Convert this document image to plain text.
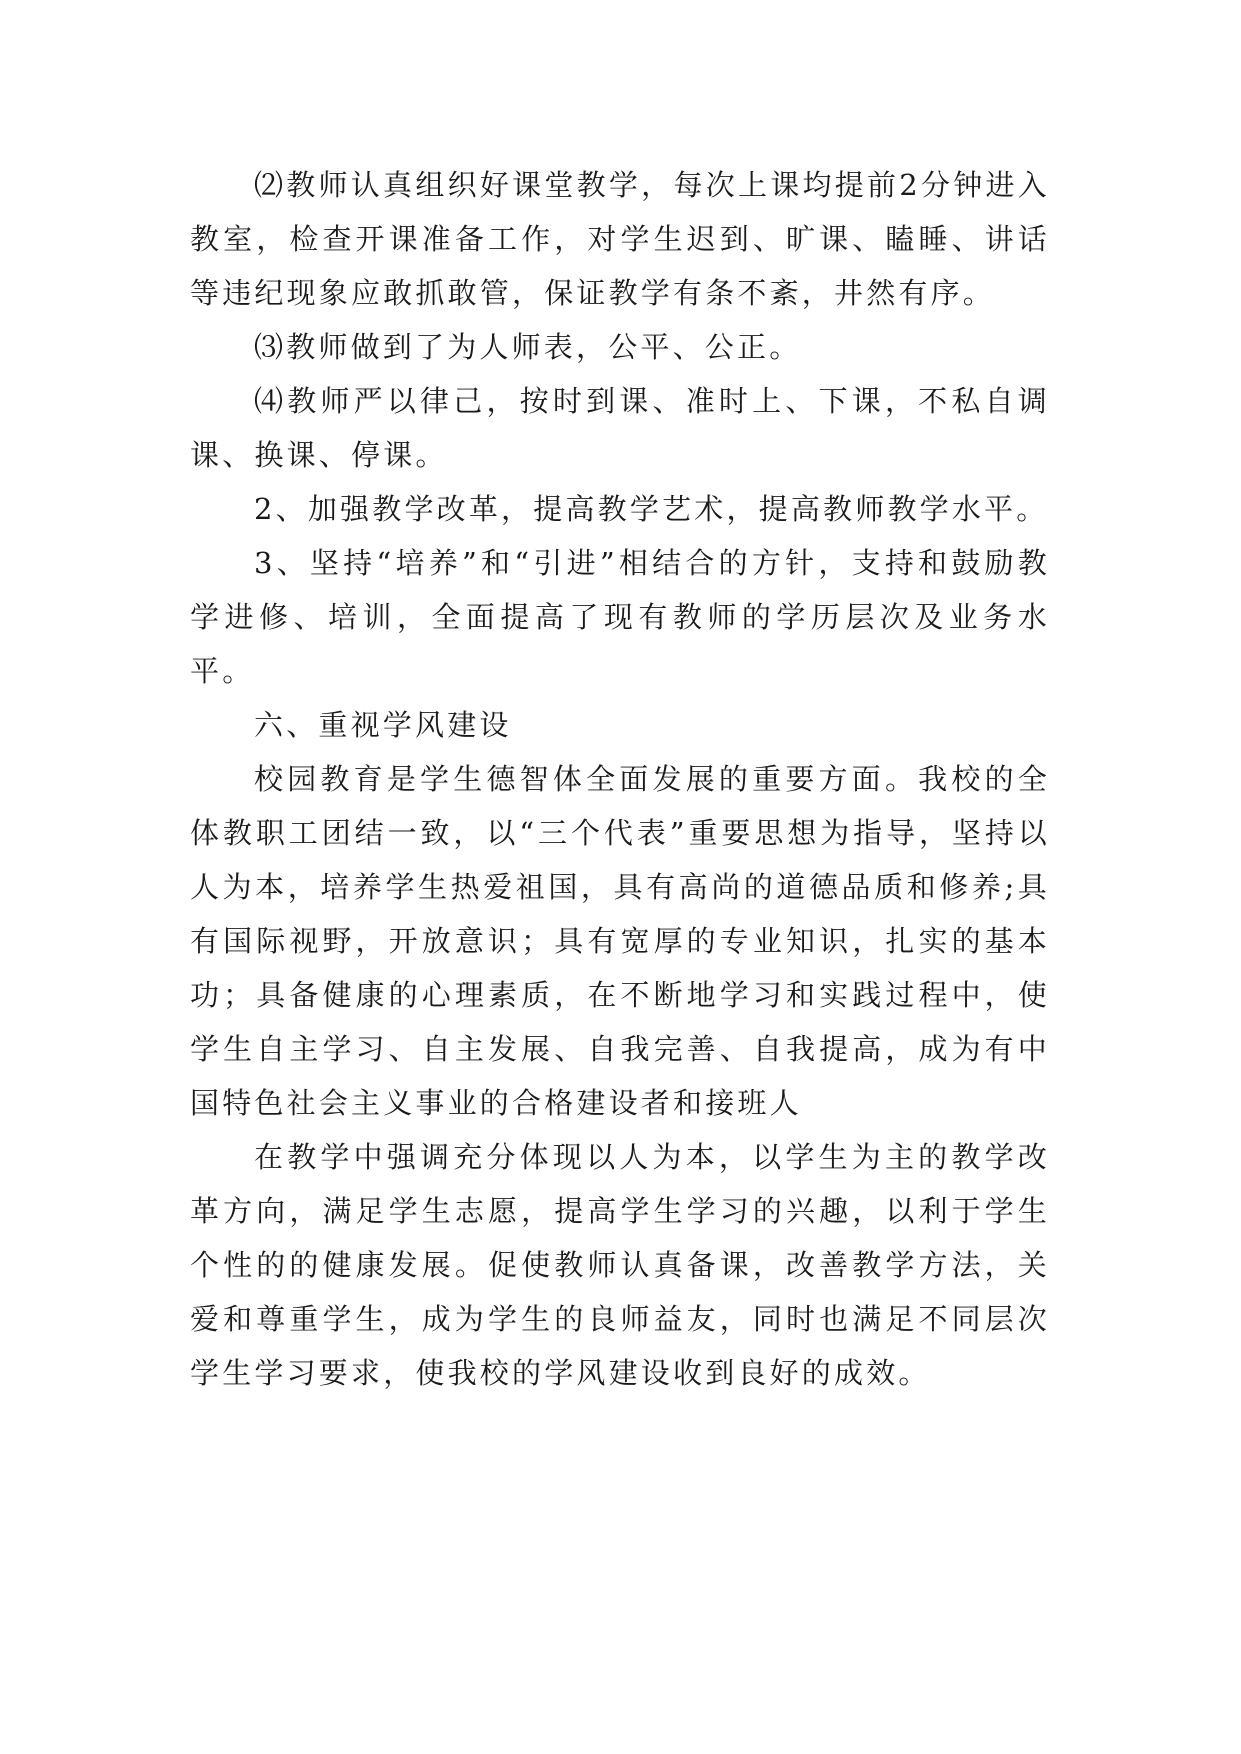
⑵教师认真组织好课堂教学，每次上课均提前2分钟进入教室，检查开课准备工作，对学生迟到、旷课、瞌睡、讲话等违纪现象应敢抓敢管，保证教学有条不紊，井然有序。

⑶教师做到了为人师表，公平、公正。

⑷教师严以律己，按时到课、准时上、下课，不私自调课、换课、停课。

2、加强教学改革，提高教学艺术，提高教师教学水平。

3、坚持“培养”和“引进”相结合的方针，支持和鼓励教学进修、培训，全面提高了现有教师的学历层次及业务水平。

六、重视学风建设

校园教育是学生德智体全面发展的重要方面。我校的全体教职工团结一致，以“三个代表”重要思想为指导，坚持以人为本，培养学生热爱祖国，具有高尚的道德品质和修养;具有国际视野，开放意识；具有宽厚的专业知识，扎实的基本功；具备健康的心理素质，在不断地学习和实践过程中，使学生自主学习、自主发展、自我完善、自我提高，成为有中国特色社会主义事业的合格建设者和接班人

在教学中强调充分体现以人为本，以学生为主的教学改革方向，满足学生志愿，提高学生学习的兴趣，以利于学生个性的的健康发展。促使教师认真备课，改善教学方法，关爱和尊重学生，成为学生的良师益友，同时也满足不同层次学生学习要求，使我校的学风建设收到良好的成效。
